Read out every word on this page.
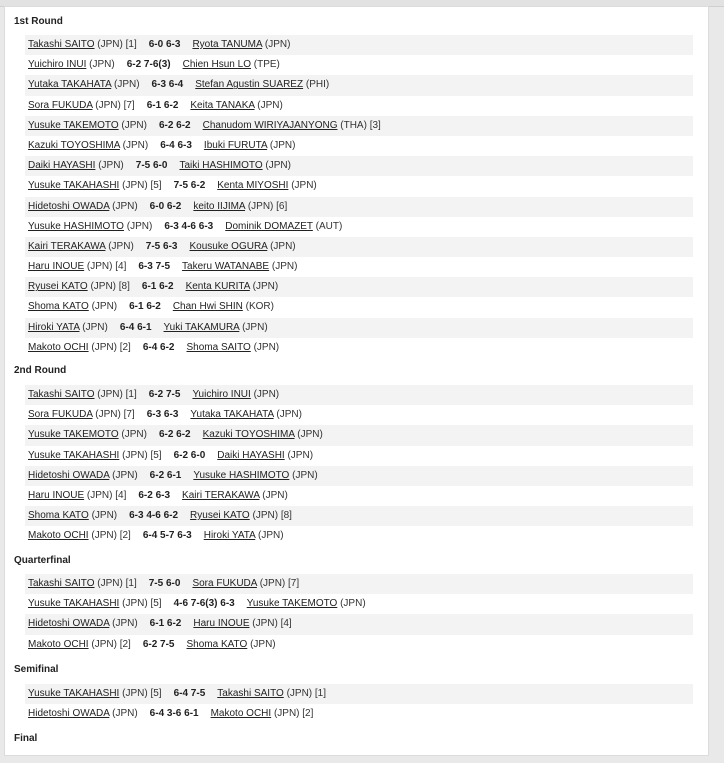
1st Round
Takashi SAITO (JPN) [1] 6-0 6-3 Ryota TANUMA (JPN)
Yuichiro INUI (JPN) 6-2 7-6(3) Chien Hsun LO (TPE)
Yutaka TAKAHATA (JPN) 6-3 6-4 Stefan Agustin SUAREZ (PHI)
Sora FUKUDA (JPN) [7] 6-1 6-2 Keita TANAKA (JPN)
Yusuke TAKEMOTO (JPN) 6-2 6-2 Chanudom WIRIYAJANYONG (THA) [3]
Kazuki TOYOSHIMA (JPN) 6-4 6-3 Ibuki FURUTA (JPN)
Daiki HAYASHI (JPN) 7-5 6-0 Taiki HASHIMOTO (JPN)
Yusuke TAKAHASHI (JPN) [5] 7-5 6-2 Kenta MIYOSHI (JPN)
Hidetoshi OWADA (JPN) 6-0 6-2 keito IIJIMA (JPN) [6]
Yusuke HASHIMOTO (JPN) 6-3 4-6 6-3 Dominik DOMAZET (AUT)
Kairi TERAKAWA (JPN) 7-5 6-3 Kousuke OGURA (JPN)
Haru INOUE (JPN) [4] 6-3 7-5 Takeru WATANABE (JPN)
Ryusei KATO (JPN) [8] 6-1 6-2 Kenta KURITA (JPN)
Shoma KATO (JPN) 6-1 6-2 Chan Hwi SHIN (KOR)
Hiroki YATA (JPN) 6-4 6-1 Yuki TAKAMURA (JPN)
Makoto OCHI (JPN) [2] 6-4 6-2 Shoma SAITO (JPN)
2nd Round
Takashi SAITO (JPN) [1] 6-2 7-5 Yuichiro INUI (JPN)
Sora FUKUDA (JPN) [7] 6-3 6-3 Yutaka TAKAHATA (JPN)
Yusuke TAKEMOTO (JPN) 6-2 6-2 Kazuki TOYOSHIMA (JPN)
Yusuke TAKAHASHI (JPN) [5] 6-2 6-0 Daiki HAYASHI (JPN)
Hidetoshi OWADA (JPN) 6-2 6-1 Yusuke HASHIMOTO (JPN)
Haru INOUE (JPN) [4] 6-2 6-3 Kairi TERAKAWA (JPN)
Shoma KATO (JPN) 6-3 4-6 6-2 Ryusei KATO (JPN) [8]
Makoto OCHI (JPN) [2] 6-4 5-7 6-3 Hiroki YATA (JPN)
Quarterfinal
Takashi SAITO (JPN) [1] 7-5 6-0 Sora FUKUDA (JPN) [7]
Yusuke TAKAHASHI (JPN) [5] 4-6 7-6(3) 6-3 Yusuke TAKEMOTO (JPN)
Hidetoshi OWADA (JPN) 6-1 6-2 Haru INOUE (JPN) [4]
Makoto OCHI (JPN) [2] 6-2 7-5 Shoma KATO (JPN)
Semifinal
Yusuke TAKAHASHI (JPN) [5] 6-4 7-5 Takashi SAITO (JPN) [1]
Hidetoshi OWADA (JPN) 6-4 3-6 6-1 Makoto OCHI (JPN) [2]
Final
